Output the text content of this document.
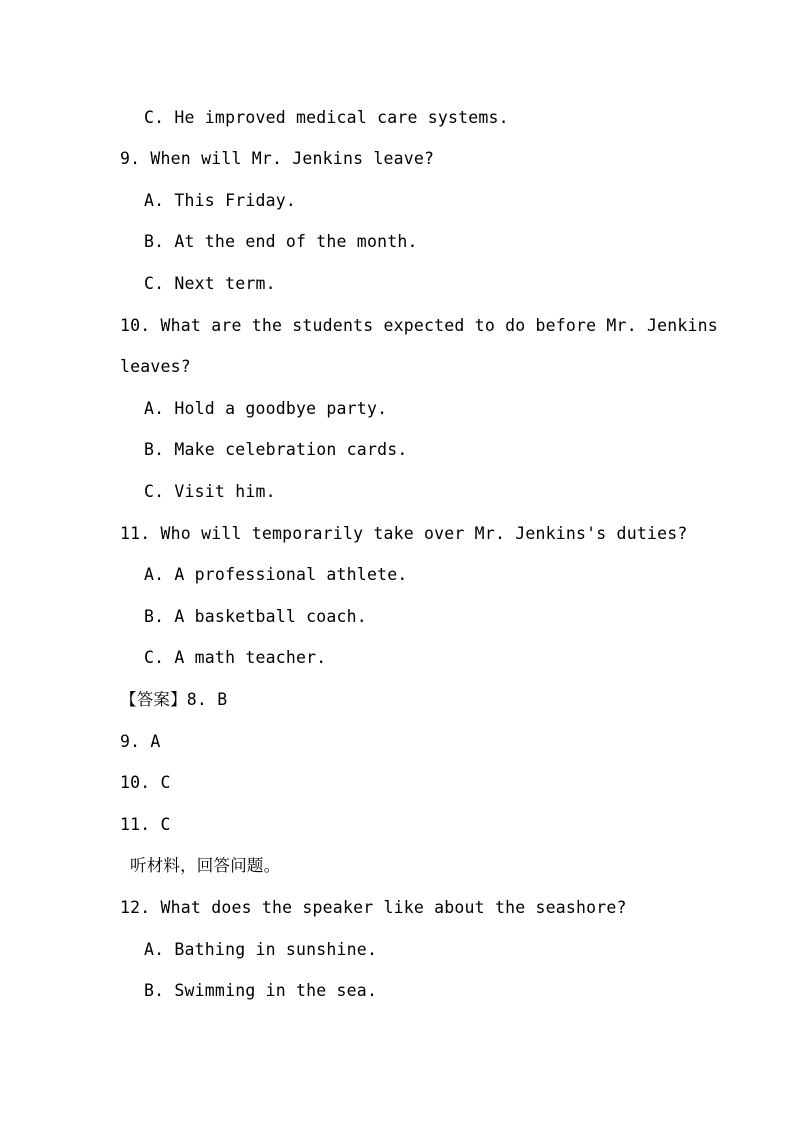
C. He improved medical care systems.
9. When will Mr. Jenkins leave?
A. This Friday.
B. At the end of the month.
C. Next term.
10. What are the students expected to do before Mr. Jenkins
leaves?
A. Hold a goodbye party.
B. Make celebration cards.
C. Visit him.
11. Who will temporarily take over Mr. Jenkins's duties?
A. A professional athlete.
B. A basketball coach.
C. A math teacher.
【答案】8. B
9. A
10. C
11. C
听材料，回答问题。
12. What does the speaker like about the seashore?
A. Bathing in sunshine.
B. Swimming in the sea.
